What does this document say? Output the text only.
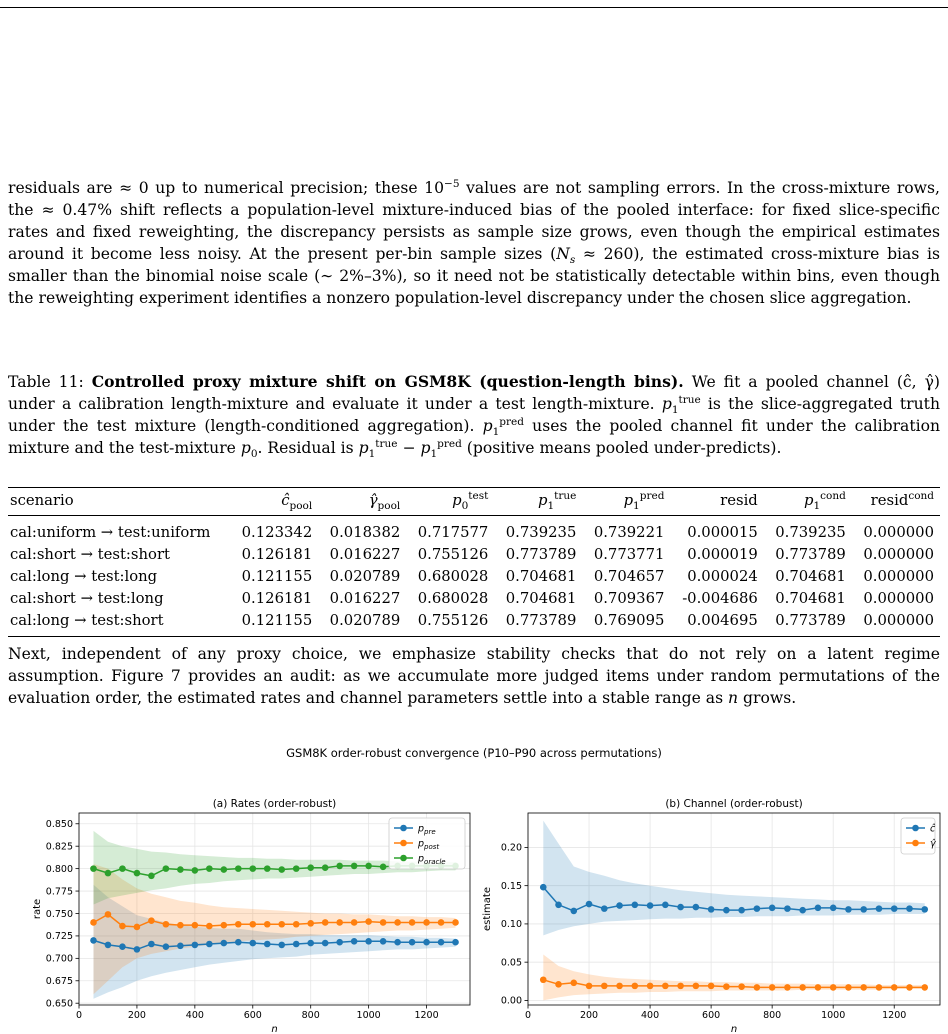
residuals are ≈ 0 up to numerical precision; these $10^{-5}$ values are not sampling errors. In the cross-mixture rows, the ≈ 0.47% shift reflects a population-level mixture-induced bias of the pooled interface: for fixed slice-specific rates and fixed reweighting, the discrepancy persists as sample size grows, even though the empirical estimates around it become less noisy. At the present per-bin sample sizes $(N_s \approx 260)$, the estimated cross-mixture bias is smaller than the binomial noise scale (∼ 2%–3%), so it need not be statistically detectable within bins, even though the reweighting experiment identifies a nonzero population-level discrepancy under the chosen slice aggregation.

Table 11: Controlled proxy mixture shift on GSM8K (question-length bins). We fit a pooled channel (ĉ, γ̂) under a calibration length-mixture and evaluate it under a test length-mixture. $p_1^{true}$ is the slice-aggregated truth under the test mixture (length-conditioned aggregation). $p_1^{pred}$ uses the pooled channel fit under the calibration mixture and the test-mixture $p_0$. Residual is $p_1^{true} - p_1^{pred}$ (positive means pooled under-predicts).

scenario	$ĉ_{pool}$	$\gammâ_{pool}$	$p_0^{test}$	$p_1^{true}$	$p_1^{pred}$	resid	$p_1^{cond}$	resid$^{cond}$
cal:uniform → test:uniform	0.123342	0.018382	0.717577	0.739235	0.739221	0.000015	0.739235	0.000000
cal:short → test:short	0.126181	0.016227	0.755126	0.773789	0.773771	0.000019	0.773789	0.000000
cal:long → test:long	0.121155	0.020789	0.680028	0.704681	0.704657	0.000024	0.704681	0.000000
cal:short → test:long	0.126181	0.016227	0.680028	0.704681	0.709367	-0.004686	0.704681	0.000000
cal:long → test:short	0.121155	0.020789	0.755126	0.773789	0.769095	0.004695	0.773789	0.000000

Next, independent of any proxy choice, we emphasize stability checks that do not rely on a latent regime assumption. Figure 7 provides an audit: as we accumulate more judged items under random permutations of the evaluation order, the estimated rates and channel parameters settle into a stable range as n grows.

GSM8K order-robust convergence (P10–P90 across permutations)
0	200	400	600	800	1000	1200
0.650
0.675
0.700
0.725
0.750
0.775
0.800
0.825
0.850
(a) Rates (order-robust)
n
rate
$p_{pre}$
$p_{post}$
$p_{oracle}$
0	200	400	600	800	1000	1200
0.00
0.05
0.10
0.15
0.20
(b) Channel (order-robust)
n
estimate
ĉ
γ̂
